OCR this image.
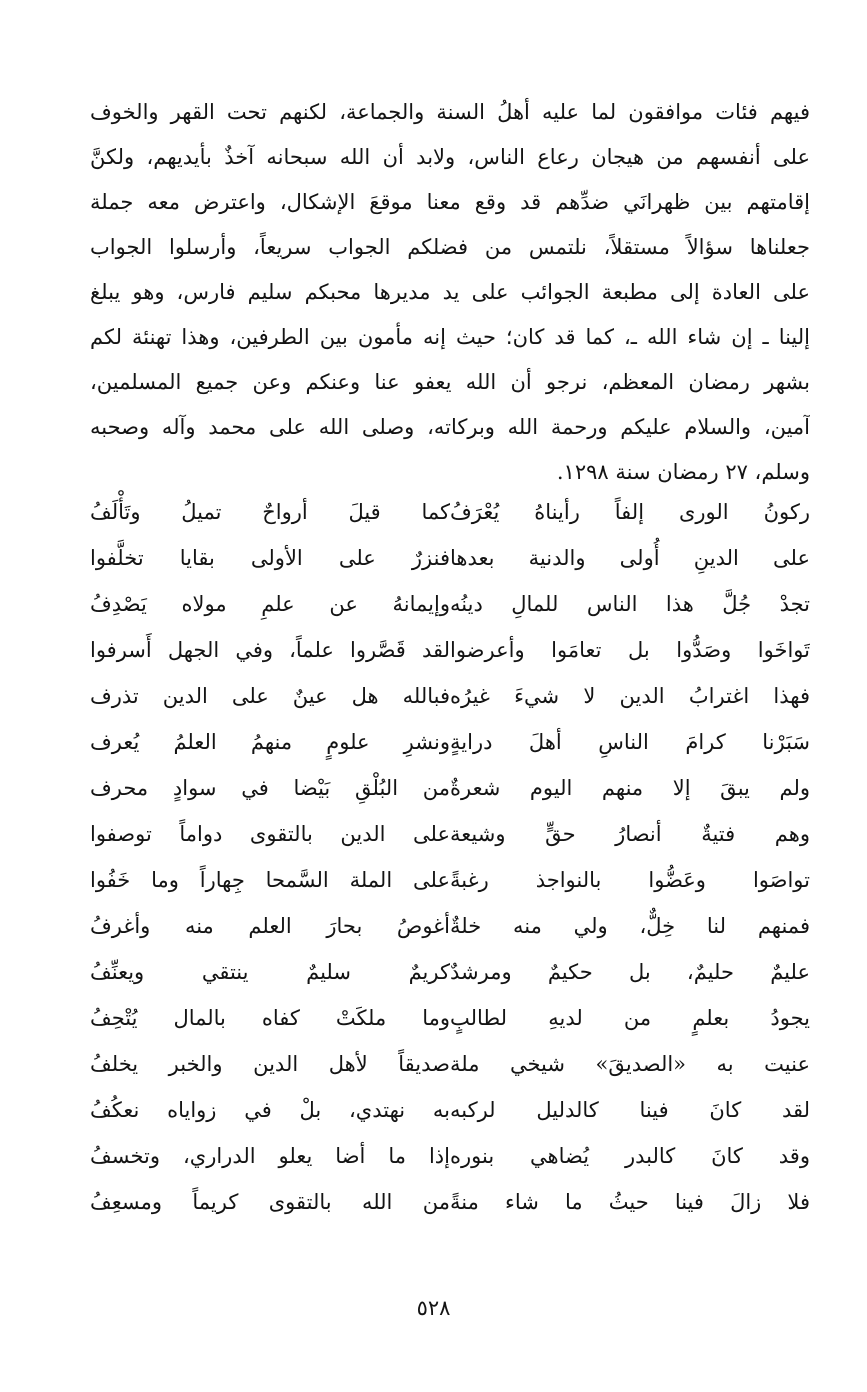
فيهم فئات موافقون لما عليه أهلُ السنة والجماعة، لكنهم تحت القهر والخوف
على أنفسهم من هيجان رعاع الناس، ولابد أن الله سبحانه آخذٌ بأيديهم، ولكنَّ
إقامتهم بين ظهرانَي ضدِّهم قد وقع معنا موقعَ الإشكال، واعترض معه جملة
جعلناها سؤالاً مستقلاً، نلتمس من فضلكم الجواب سريعاً، وأرسلوا الجواب
على العادة إلى مطبعة الجوائب على يد مديرها محبكم سليم فارس، وهو يبلغ
إلينا ـ إن شاء الله ـ، كما قد كان؛ حيث إنه مأمون بين الطرفين، وهذا تهنئة لكم
بشهر رمضان المعظم، نرجو أن الله يعفو عنا وعنكم وعن جميع المسلمين،
آمين، والسلام عليكم ورحمة الله وبركاته، وصلى الله على محمد وآله وصحبه
وسلم، ٢٧ رمضان سنة ١٢٩٨.
ركونُ الورى إلفاً رأيناهُ يُعْرَفُ
على الدينِ أُولى والدنية بعدها
تجدْ جُلَّ هذا الناس للمالِ دينُه
تَواخَوا وصَدُّوا بل تعامَوا وأعرضوا
فهذا اغترابُ الدين لا شيءَ غيرُه
سَبَرْنا كرامَ الناسِ أهلَ درايةٍ
ولم يبقَ إلا منهم اليوم شعرةٌ
وهم فتيةٌ أنصارُ حقٍّ وشيعة
تواصَوا وعَضُّوا بالنواجذ رغبةً
فمنهم لنا خِلٌّ، ولي منه خلةٌ
عليمٌ حليمٌ، بل حكيمٌ ومرشدٌ
يجودُ بعلمٍ من لديهِ لطالبٍ
عنيت به «الصديقَ» شيخي ملة
لقد كانَ فينا كالدليل لركبه
وقد كانَ كالبدر يُضاهي بنوره
فلا زالَ فينا حيثُ ما شاء منةً
كما قيلَ أرواحٌ تميلُ وتَأْلَفُ
فنزرٌ على الأولى بقايا تخلَّفوا
وإيمانهُ عن علمِ مولاه يَصْدِفُ
لقد قَصَّروا علماً، وفي الجهل أَسرفوا
فبالله هل عينٌ على الدين تذرف
ونشرِ علومٍ منهمُ العلمُ يُعرف
من البُلْقِ بَيْضا في سوادٍ محرف
على الدين بالتقوى دواماً توصفوا
على الملة السَّمحا جِهاراً وما خَفُوا
أغوصُ بحارَ العلم منه وأغرفُ
كريمٌ سليمٌ ينتقي ويعنِّفُ
وما ملكَتْ كفاه بالمال يُتْحِفُ
صديقاً لأهل الدين والخبر يخلفُ
به نهتدي، بلْ في زواياه نعكُفُ
إذا ما أضا يعلو الدراري، وتخسفُ
من الله بالتقوى كريماً ومسعِفُ
٥٢٨
